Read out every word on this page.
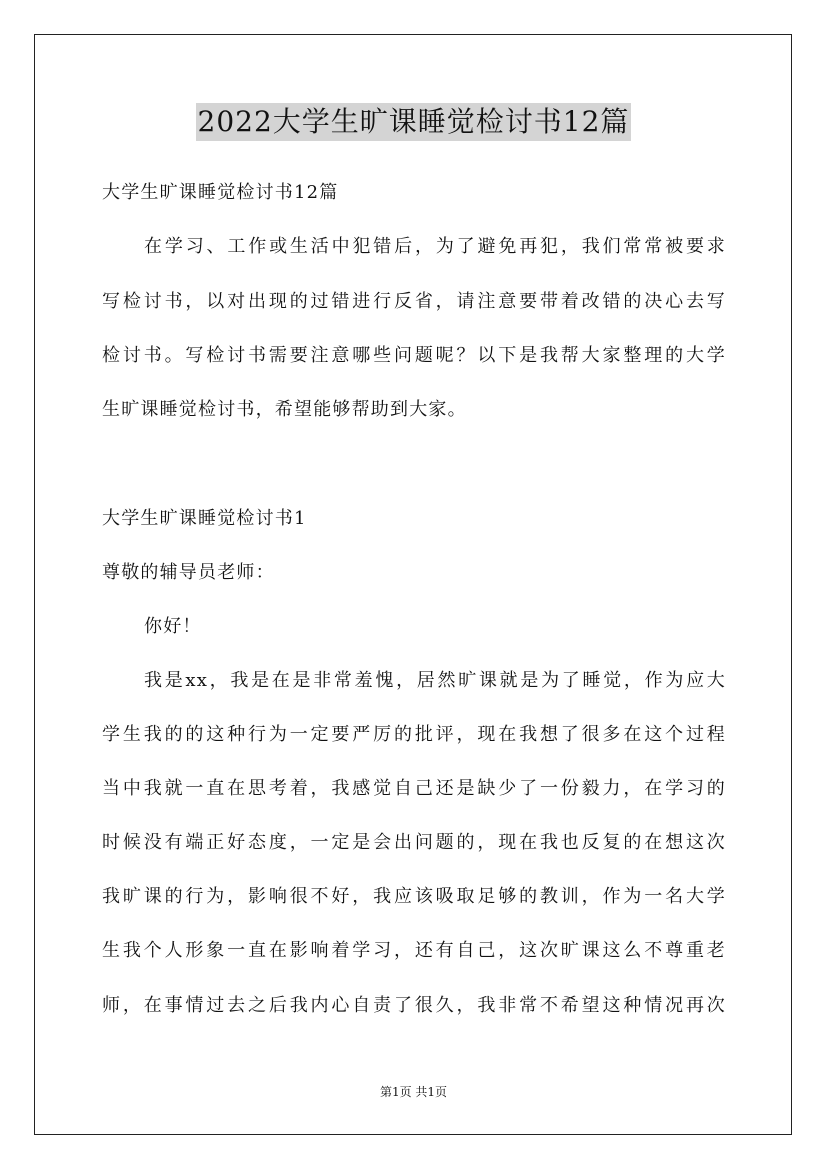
2022大学生旷课睡觉检讨书12篇
大学生旷课睡觉检讨书12篇
在学习、工作或生活中犯错后，为了避免再犯，我们常常被要求
写检讨书，以对出现的过错进行反省，请注意要带着改错的决心去写
检讨书。写检讨书需要注意哪些问题呢？以下是我帮大家整理的大学
生旷课睡觉检讨书，希望能够帮助到大家。
大学生旷课睡觉检讨书1
尊敬的辅导员老师：
你好！
我是xx，我是在是非常羞愧，居然旷课就是为了睡觉，作为应大
学生我的的这种行为一定要严厉的批评，现在我想了很多在这个过程
当中我就一直在思考着，我感觉自己还是缺少了一份毅力，在学习的
时候没有端正好态度，一定是会出问题的，现在我也反复的在想这次
我旷课的行为，影响很不好，我应该吸取足够的教训，作为一名大学
生我个人形象一直在影响着学习，还有自己，这次旷课这么不尊重老
师，在事情过去之后我内心自责了很久，我非常不希望这种情况再次
第1页 共1页
